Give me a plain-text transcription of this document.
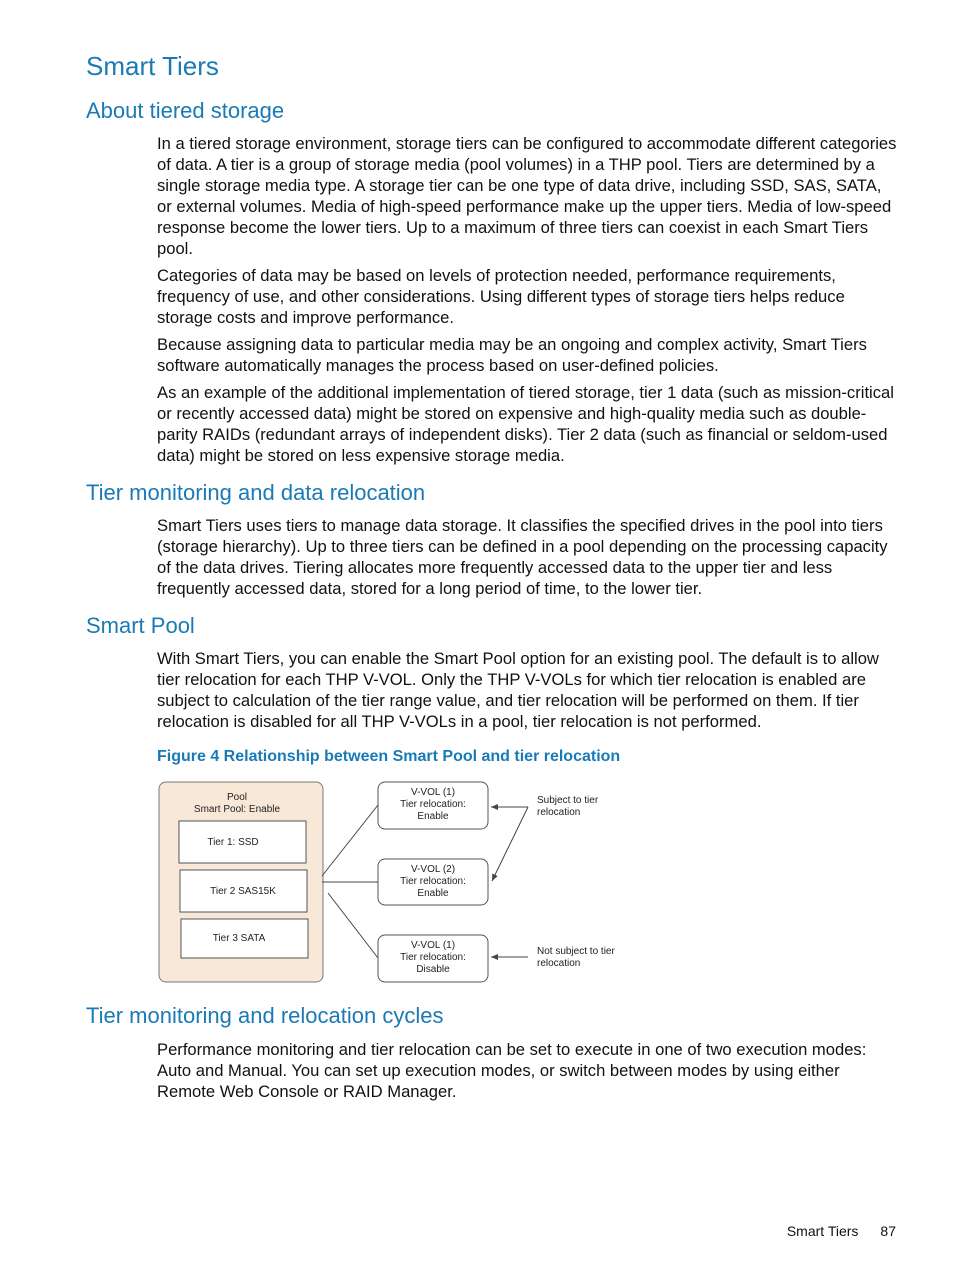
Smart Tiers
About tiered storage

In a tiered storage environment, storage tiers can be configured to accommodate different categories of data. A tier is a group of storage media (pool volumes) in a THP pool. Tiers are determined by a single storage media type. A storage tier can be one type of data drive, including SSD, SAS, SATA, or external volumes. Media of high-speed performance make up the upper tiers. Media of low-speed response become the lower tiers. Up to a maximum of three tiers can coexist in each Smart Tiers pool.

Categories of data may be based on levels of protection needed, performance requirements, frequency of use, and other considerations. Using different types of storage tiers helps reduce storage costs and improve performance.

Because assigning data to particular media may be an ongoing and complex activity, Smart Tiers software automatically manages the process based on user-defined policies.

As an example of the additional implementation of tiered storage, tier 1 data (such as mission-critical or recently accessed data) might be stored on expensive and high-quality media such as double-parity RAIDs (redundant arrays of independent disks). Tier 2 data (such as financial or seldom-used data) might be stored on less expensive storage media.

Tier monitoring and data relocation

Smart Tiers uses tiers to manage data storage. It classifies the specified drives in the pool into tiers (storage hierarchy). Up to three tiers can be defined in a pool depending on the processing capacity of the data drives. Tiering allocates more frequently accessed data to the upper tier and less frequently accessed data, stored for a long period of time, to the lower tier.

Smart Pool

With Smart Tiers, you can enable the Smart Pool option for an existing pool. The default is to allow tier relocation for each THP V-VOL. Only the THP V-VOLs for which tier relocation is enabled are subject to calculation of the tier range value, and tier relocation will be performed on them. If tier relocation is disabled for all THP V-VOLs in a pool, tier relocation is not performed.

Figure 4 Relationship between Smart Pool and tier relocation

Pool
Smart Pool: Enable
Tier 1: SSD
Tier 2 SAS15K
Tier 3 SATA
V-VOL (1)
Tier relocation:
Enable
V-VOL (2)
Tier relocation:
Enable
V-VOL (1)
Tier relocation:
Disable
Subject to tier
relocation
Not subject to tier
relocation
Tier monitoring and relocation cycles

Performance monitoring and tier relocation can be set to execute in one of two execution modes: Auto and Manual. You can set up execution modes, or switch between modes by using either Remote Web Console or RAID Manager.

Smart Tiers 87
